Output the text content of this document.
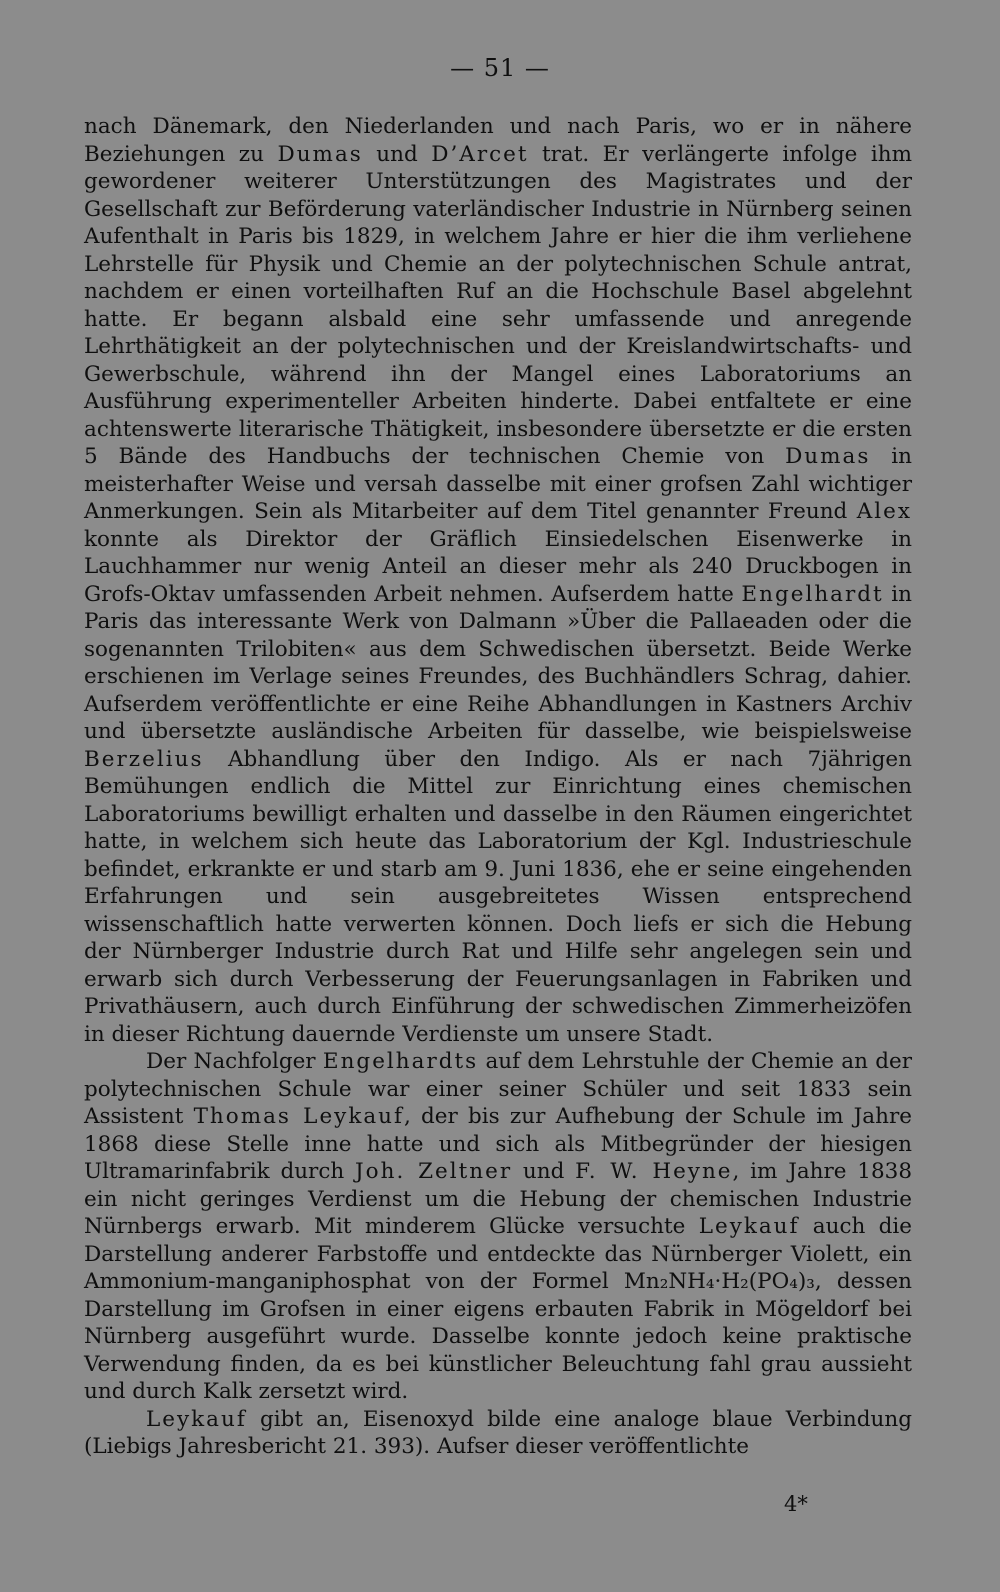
— 51 —

nach Dänemark, den Niederlanden und nach Paris, wo er in nähere Beziehungen zu Dumas und D’Arcet trat. Er verlängerte infolge ihm gewordener weiterer Unterstützungen des Magistrates und der Gesellschaft zur Beförderung vaterländischer Industrie in Nürnberg seinen Aufenthalt in Paris bis 1829, in welchem Jahre er hier die ihm verliehene Lehrstelle für Physik und Chemie an der polytechnischen Schule antrat, nachdem er einen vorteilhaften Ruf an die Hochschule Basel abgelehnt hatte. Er begann alsbald eine sehr umfassende und anregende Lehrthätigkeit an der polytechnischen und der Kreislandwirtschafts- und Gewerbschule, während ihn der Mangel eines Laboratoriums an Ausführung experimenteller Arbeiten hinderte. Dabei entfaltete er eine achtenswerte literarische Thätigkeit, insbesondere übersetzte er die ersten 5 Bände des Handbuchs der technischen Chemie von Dumas in meisterhafter Weise und versah dasselbe mit einer grofsen Zahl wichtiger Anmerkungen. Sein als Mitarbeiter auf dem Titel genannter Freund Alex konnte als Direktor der Gräflich Einsiedelschen Eisenwerke in Lauchhammer nur wenig Anteil an dieser mehr als 240 Druckbogen in Grofs-Oktav umfassenden Arbeit nehmen. Aufserdem hatte Engelhardt in Paris das interessante Werk von Dalmann »Über die Pallaeaden oder die sogenannten Trilobiten« aus dem Schwedischen übersetzt. Beide Werke erschienen im Verlage seines Freundes, des Buchhändlers Schrag, dahier. Aufserdem veröffentlichte er eine Reihe Abhandlungen in Kastners Archiv und übersetzte ausländische Arbeiten für dasselbe, wie beispielsweise Berzelius Abhandlung über den Indigo. Als er nach 7jährigen Bemühungen endlich die Mittel zur Einrichtung eines chemischen Laboratoriums bewilligt erhalten und dasselbe in den Räumen eingerichtet hatte, in welchem sich heute das Laboratorium der Kgl. Industrieschule befindet, erkrankte er und starb am 9. Juni 1836, ehe er seine eingehenden Erfahrungen und sein ausgebreitetes Wissen entsprechend wissenschaftlich hatte verwerten können. Doch liefs er sich die Hebung der Nürnberger Industrie durch Rat und Hilfe sehr angelegen sein und erwarb sich durch Verbesserung der Feuerungsanlagen in Fabriken und Privathäusern, auch durch Einführung der schwedischen Zimmerheizöfen in dieser Richtung dauernde Verdienste um unsere Stadt.

Der Nachfolger Engelhardts auf dem Lehrstuhle der Chemie an der polytechnischen Schule war einer seiner Schüler und seit 1833 sein Assistent Thomas Leykauf, der bis zur Aufhebung der Schule im Jahre 1868 diese Stelle inne hatte und sich als Mitbegründer der hiesigen Ultramarinfabrik durch Joh. Zeltner und F. W. Heyne, im Jahre 1838 ein nicht geringes Verdienst um die Hebung der chemischen Industrie Nürnbergs erwarb. Mit minderem Glücke versuchte Leykauf auch die Darstellung anderer Farbstoffe und entdeckte das Nürnberger Violett, ein Ammonium-manganiphosphat von der Formel Mn₂NH₄·H₂(PO₄)₃, dessen Darstellung im Grofsen in einer eigens erbauten Fabrik in Mögeldorf bei Nürnberg ausgeführt wurde. Dasselbe konnte jedoch keine praktische Verwendung finden, da es bei künstlicher Beleuchtung fahl grau aussieht und durch Kalk zersetzt wird.

Leykauf gibt an, Eisenoxyd bilde eine analoge blaue Verbindung (Liebigs Jahresbericht 21. 393). Aufser dieser veröffentlichte

4*
